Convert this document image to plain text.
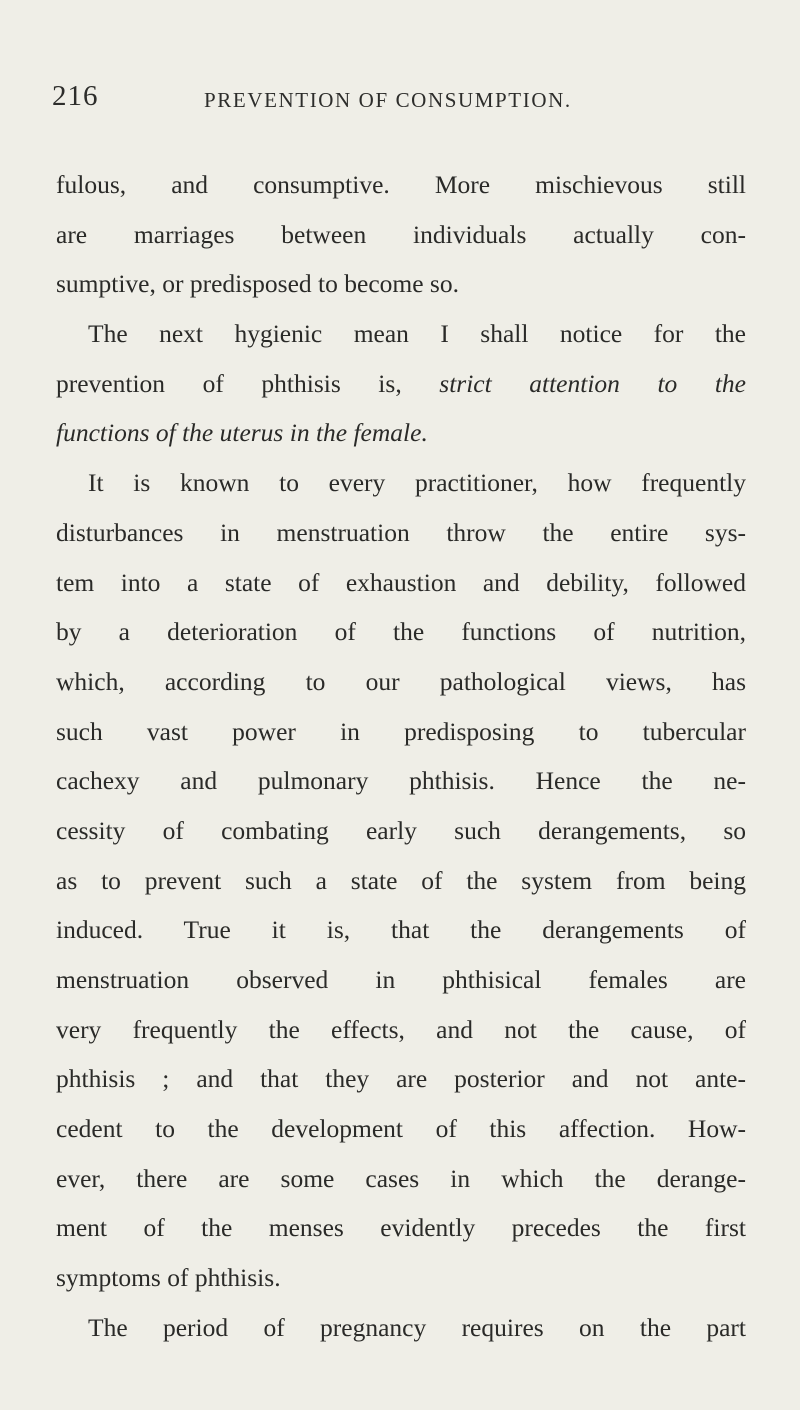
216	PREVENTION OF CONSUMPTION.
fulous, and consumptive. More mischievous still
are marriages between individuals actually con-
sumptive, or predisposed to become so.
The next hygienic mean I shall notice for the
prevention of phthisis is, strict attention to the
functions of the uterus in the female.
It is known to every practitioner, how frequently
disturbances in menstruation throw the entire sys-
tem into a state of exhaustion and debility, followed
by a deterioration of the functions of nutrition,
which, according to our pathological views, has
such vast power in predisposing to tubercular
cachexy and pulmonary phthisis. Hence the ne-
cessity of combating early such derangements, so
as to prevent such a state of the system from being
induced. True it is, that the derangements of
menstruation observed in phthisical females are
very frequently the effects, and not the cause, of
phthisis ; and that they are posterior and not ante-
cedent to the development of this affection. How-
ever, there are some cases in which the derange-
ment of the menses evidently precedes the first
symptoms of phthisis.
The period of pregnancy requires on the part
